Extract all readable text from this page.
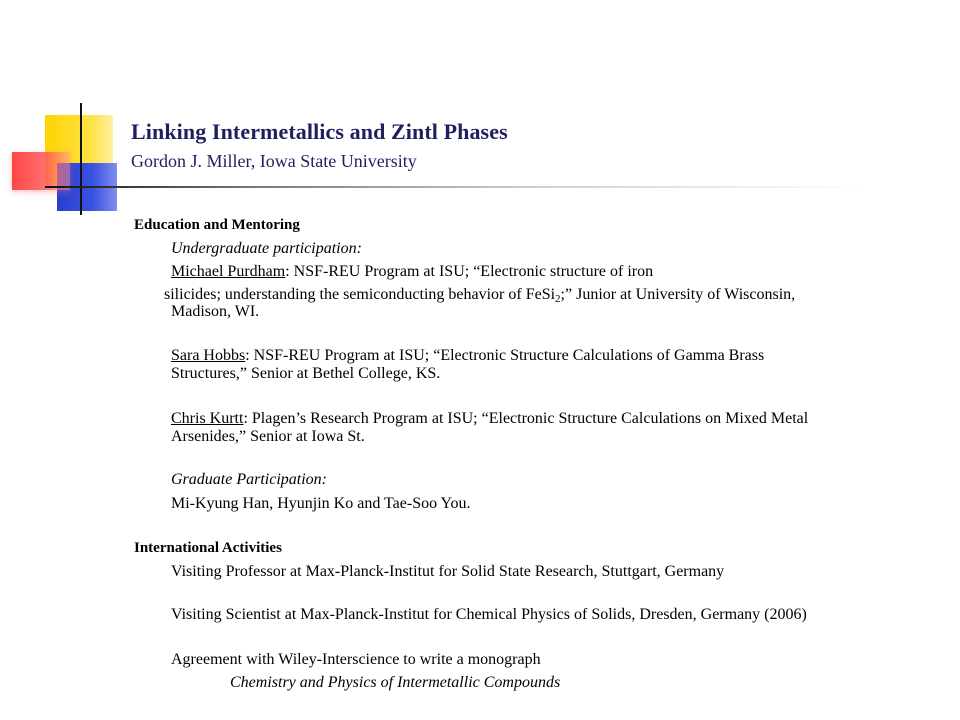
Linking Intermetallics and Zintl Phases
Gordon J. Miller, Iowa State University
Education and Mentoring
Undergraduate participation:
Michael Purdham: NSF-REU Program at ISU; “Electronic structure of iron
silicides; understanding the semiconducting behavior of FeSi$_2$;” Junior at University of Wisconsin,
Madison, WI.
Sara Hobbs: NSF-REU Program at ISU; “Electronic Structure Calculations of Gamma Brass
Structures,” Senior at Bethel College, KS.
Chris Kurtt: Plagen’s Research Program at ISU; “Electronic Structure Calculations on Mixed Metal
Arsenides,” Senior at Iowa St.
Graduate Participation:
Mi-Kyung Han, Hyunjin Ko and Tae-Soo You.
International Activities
Visiting Professor at Max-Planck-Institut for Solid State Research, Stuttgart, Germany
Visiting Scientist at Max-Planck-Institut for Chemical Physics of Solids, Dresden, Germany (2006)
Agreement with Wiley-Interscience to write a monograph
Chemistry and Physics of Intermetallic Compounds
